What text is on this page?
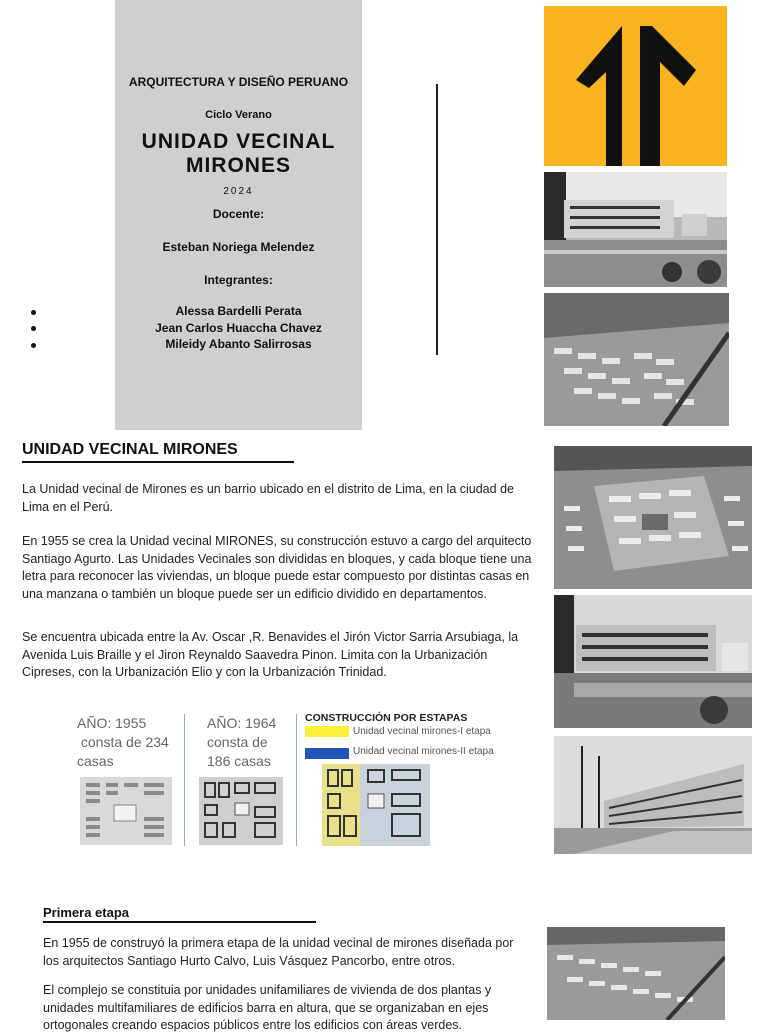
ARQUITECTURA Y DISEÑO PERUANO
Ciclo Verano
UNIDAD VECINAL
MIRONES
2024
Docente:
Esteban Noriega Melendez
Integrantes:
Alessa Bardelli Perata
Jean Carlos Huaccha Chavez
Mileidy Abanto Salirrosas
UNIDAD VECINAL MIRONES
La Unidad vecinal de Mirones es un barrio ubicado en el distrito de Lima, en la ciudad de Lima en el Perú.
En 1955 se crea la Unidad vecinal MIRONES, su construcción estuvo a cargo del arquitecto Santiago Agurto. Las Unidades Vecinales son divididas en bloques, y cada bloque tiene una letra para reconocer las viviendas, un bloque puede estar compuesto por distintas casas en una manzana o también un bloque puede ser un edificio dividido en departamentos.
Se encuentra ubicada entre la Av. Oscar ,R. Benavides el Jirón Victor Sarria Arsubiaga, la Avenida Luis Braille y el Jiron Reynaldo Saavedra Pinon. Limita con la Urbanización Cipreses, con la Urbanización Elio y con la Urbanización Trinidad.
AÑO: 1955
consta de 234
casas
AÑO: 1964
consta de
186 casas
CONSTRUCCIÓN POR ESTAPAS
Unidad vecinal mirones-I etapa
Unidad vecinal mirones-II etapa
Primera etapa
En 1955 de construyó la primera etapa de la unidad vecinal de mirones diseñada por los arquitectos Santiago Hurto Calvo, Luis Vásquez Pancorbo, entre otros.
El complejo se constituia por unidades unifamiliares de vivienda de dos plantas y unidades multifamiliares de edificios barra en altura, que se organizaban en ejes ortogonales creando espacios públicos entre los edificios con áreas verdes.
